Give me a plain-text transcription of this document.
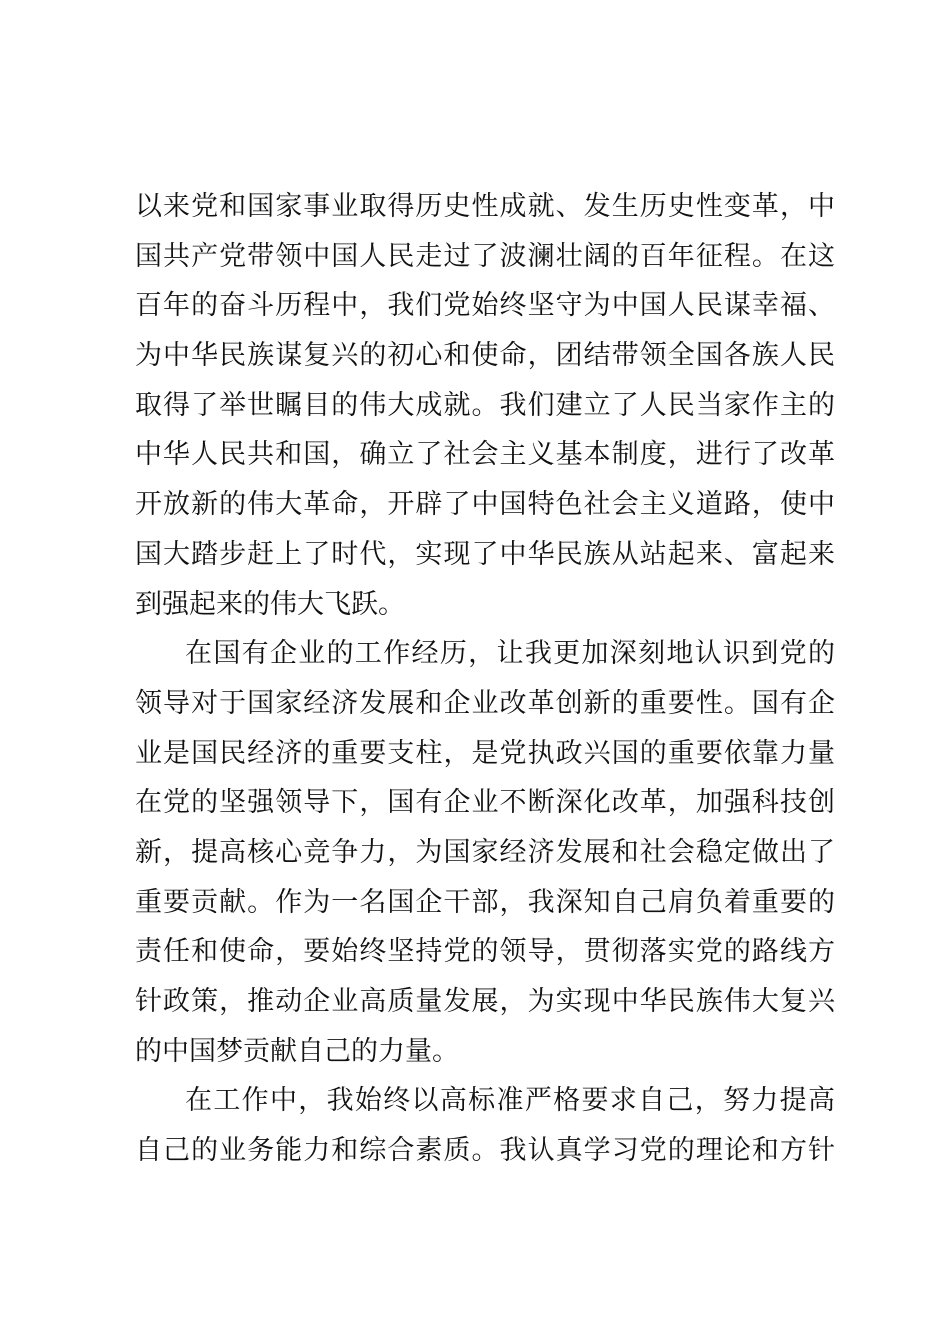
以来党和国家事业取得历史性成就、发生历史性变革，中
国共产党带领中国人民走过了波澜壮阔的百年征程。在这
百年的奋斗历程中，我们党始终坚守为中国人民谋幸福、
为中华民族谋复兴的初心和使命，团结带领全国各族人民
取得了举世瞩目的伟大成就。我们建立了人民当家作主的
中华人民共和国，确立了社会主义基本制度，进行了改革
开放新的伟大革命，开辟了中国特色社会主义道路，使中
国大踏步赶上了时代，实现了中华民族从站起来、富起来
到强起来的伟大飞跃。
在国有企业的工作经历，让我更加深刻地认识到党的
领导对于国家经济发展和企业改革创新的重要性。国有企
业是国民经济的重要支柱，是党执政兴国的重要依靠力量
在党的坚强领导下，国有企业不断深化改革，加强科技创
新，提高核心竞争力，为国家经济发展和社会稳定做出了
重要贡献。作为一名国企干部，我深知自己肩负着重要的
责任和使命，要始终坚持党的领导，贯彻落实党的路线方
针政策，推动企业高质量发展，为实现中华民族伟大复兴
的中国梦贡献自己的力量。
在工作中，我始终以高标准严格要求自己，努力提高
自己的业务能力和综合素质。我认真学习党的理论和方针
